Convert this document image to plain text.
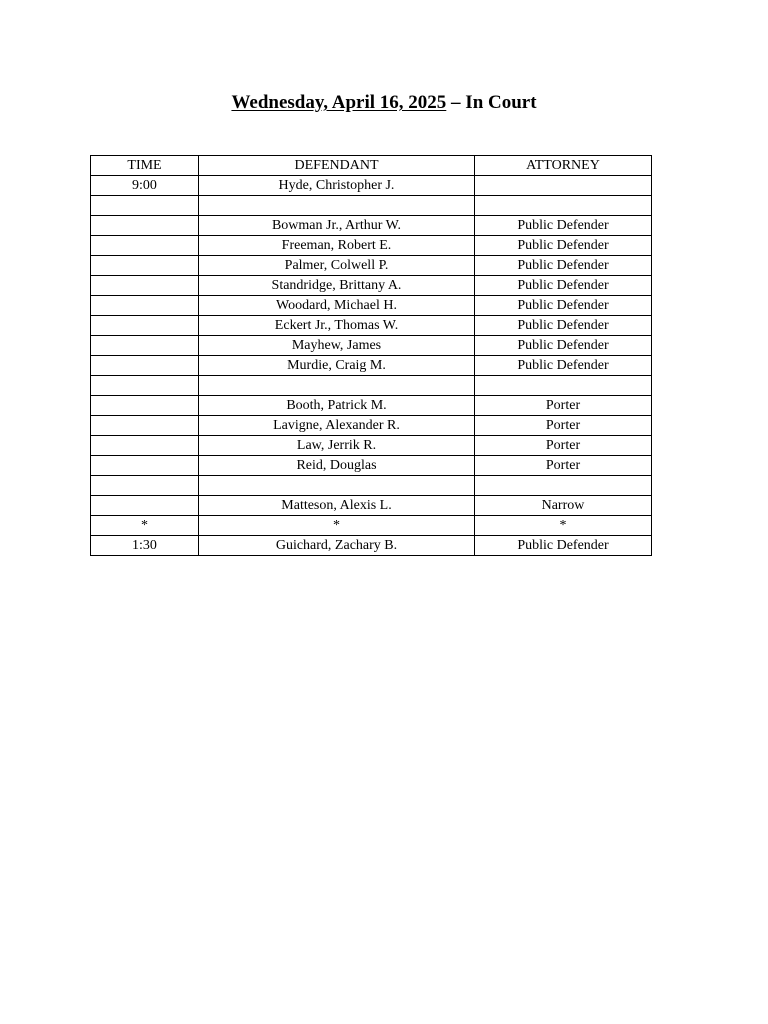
Wednesday, April 16, 2025 – In Court
TIME	DEFENDANT	ATTORNEY
9:00	Hyde, Christopher J.	

	Bowman Jr., Arthur W.	Public Defender
	Freeman, Robert E.	Public Defender
	Palmer, Colwell P.	Public Defender
	Standridge, Brittany A.	Public Defender
	Woodard, Michael H.	Public Defender
	Eckert Jr., Thomas W.	Public Defender
	Mayhew, James	Public Defender
	Murdie, Craig M.	Public Defender

	Booth, Patrick M.	Porter
	Lavigne, Alexander R.	Porter
	Law, Jerrik R.	Porter
	Reid, Douglas	Porter

	Matteson, Alexis L.	Narrow
*	*	*
1:30	Guichard, Zachary B.	Public Defender
